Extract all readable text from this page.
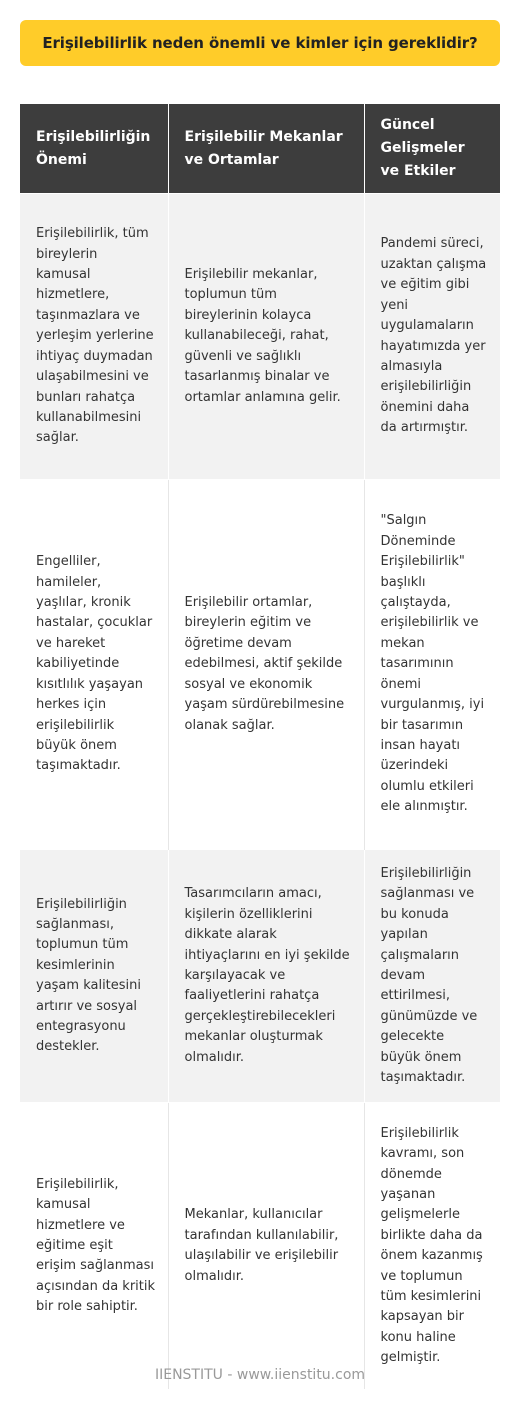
Erişilebilirlik neden önemli ve kimler için gereklidir?
Erişilebilirliğin Önemi	Erişilebilir Mekanlar ve Ortamlar	Güncel Gelişmeler ve Etkiler
Erişilebilirlik, tüm bireylerin kamusal hizmetlere, taşınmazlara ve yerleşim yerlerine ihtiyaç duymadan ulaşabilmesini ve bunları rahatça kullanabilmesini sağlar.	Erişilebilir mekanlar, toplumun tüm bireylerinin kolayca kullanabileceği, rahat, güvenli ve sağlıklı tasarlanmış binalar ve ortamlar anlamına gelir.	Pandemi süreci, uzaktan çalışma ve eğitim gibi yeni uygulamaların hayatımızda yer almasıyla erişilebilirliğin önemini daha da artırmıştır.
Engelliler, hamileler, yaşlılar, kronik hastalar, çocuklar ve hareket kabiliyetinde kısıtlılık yaşayan herkes için erişilebilirlik büyük önem taşımaktadır.	Erişilebilir ortamlar, bireylerin eğitim ve öğretime devam edebilmesi, aktif şekilde sosyal ve ekonomik yaşam sürdürebilmesine olanak sağlar.	"Salgın Döneminde Erişilebilirlik" başlıklı çalıştayda, erişilebilirlik ve mekan tasarımının önemi vurgulanmış, iyi bir tasarımın insan hayatı üzerindeki olumlu etkileri ele alınmıştır.
Erişilebilirliğin sağlanması, toplumun tüm kesimlerinin yaşam kalitesini artırır ve sosyal entegrasyonu destekler.	Tasarımcıların amacı, kişilerin özelliklerini dikkate alarak ihtiyaçlarını en iyi şekilde karşılayacak ve faaliyetlerini rahatça gerçekleştirebilecekleri mekanlar oluşturmak olmalıdır.	Erişilebilirliğin sağlanması ve bu konuda yapılan çalışmaların devam ettirilmesi, günümüzde ve gelecekte büyük önem taşımaktadır.
Erişilebilirlik, kamusal hizmetlere ve eğitime eşit erişim sağlanması açısından da kritik bir role sahiptir.	Mekanlar, kullanıcılar tarafından kullanılabilir, ulaşılabilir ve erişilebilir olmalıdır.	Erişilebilirlik kavramı, son dönemde yaşanan gelişmelerle birlikte daha da önem kazanmış ve toplumun tüm kesimlerini kapsayan bir konu haline gelmiştir.
IIENSTITU - www.iienstitu.com
